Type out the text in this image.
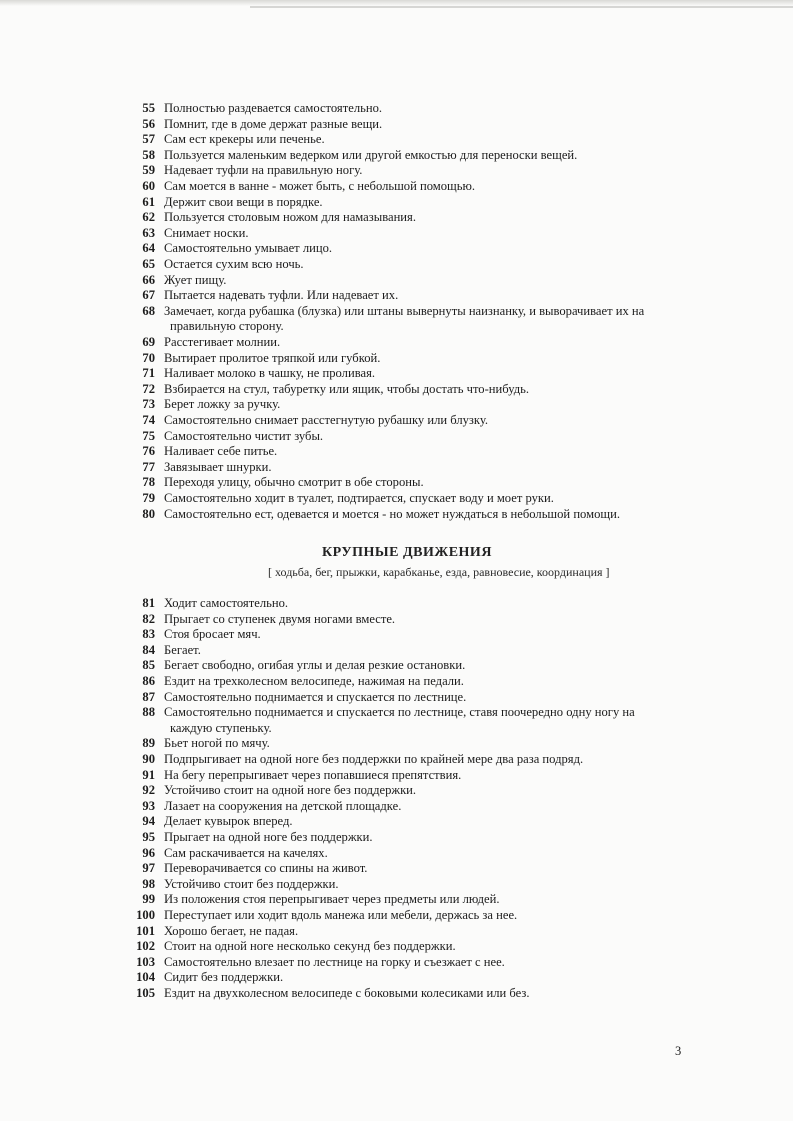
55 Полностью раздевается самостоятельно.
56 Помнит, где в доме держат разные вещи.
57 Сам ест крекеры или печенье.
58 Пользуется маленьким ведерком или другой емкостью для переноски вещей.
59 Надевает туфли на правильную ногу.
60 Сам моется в ванне - может быть, с небольшой помощью.
61 Держит свои вещи в порядке.
62 Пользуется столовым ножом для намазывания.
63 Снимает носки.
64 Самостоятельно умывает лицо.
65 Остается сухим всю ночь.
66 Жует пищу.
67 Пытается надевать туфли. Или надевает их.
68 Замечает, когда рубашка (блузка) или штаны вывернуты наизнанку, и выворачивает их на
правильную сторону.
69 Расстегивает молнии.
70 Вытирает пролитое тряпкой или губкой.
71 Наливает молоко в чашку, не проливая.
72 Взбирается на стул, табуретку или ящик, чтобы достать что-нибудь.
73 Берет ложку за ручку.
74 Самостоятельно снимает расстегнутую рубашку или блузку.
75 Самостоятельно чистит зубы.
76 Наливает себе питье.
77 Завязывает шнурки.
78 Переходя улицу, обычно смотрит в обе стороны.
79 Самостоятельно ходит в туалет, подтирается, спускает воду и моет руки.
80 Самостоятельно ест, одевается и моется - но может нуждаться в небольшой помощи.
КРУПНЫЕ ДВИЖЕНИЯ
[ ходьба, бег, прыжки, карабканье, езда, равновесие, координация ]
81 Ходит самостоятельно.
82 Прыгает со ступенек двумя ногами вместе.
83 Стоя бросает мяч.
84 Бегает.
85 Бегает свободно, огибая углы и делая резкие остановки.
86 Ездит на трехколесном велосипеде, нажимая на педали.
87 Самостоятельно поднимается и спускается по лестнице.
88 Самостоятельно поднимается и спускается по лестнице, ставя поочередно одну ногу на
каждую ступеньку.
89 Бьет ногой по мячу.
90 Подпрыгивает на одной ноге без поддержки по крайней мере два раза подряд.
91 На бегу перепрыгивает через попавшиеся препятствия.
92 Устойчиво стоит на одной ноге без поддержки.
93 Лазает на сооружения на детской площадке.
94 Делает кувырок вперед.
95 Прыгает на одной ноге без поддержки.
96 Сам раскачивается на качелях.
97 Переворачивается со спины на живот.
98 Устойчиво стоит без поддержки.
99 Из положения стоя перепрыгивает через предметы или людей.
100 Переступает или ходит вдоль манежа или мебели, держась за нее.
101 Хорошо бегает, не падая.
102 Стоит на одной ноге несколько секунд без поддержки.
103 Самостоятельно влезает по лестнице на горку и съезжает с нее.
104 Сидит без поддержки.
105 Ездит на двухколесном велосипеде с боковыми колесиками или без.
3
